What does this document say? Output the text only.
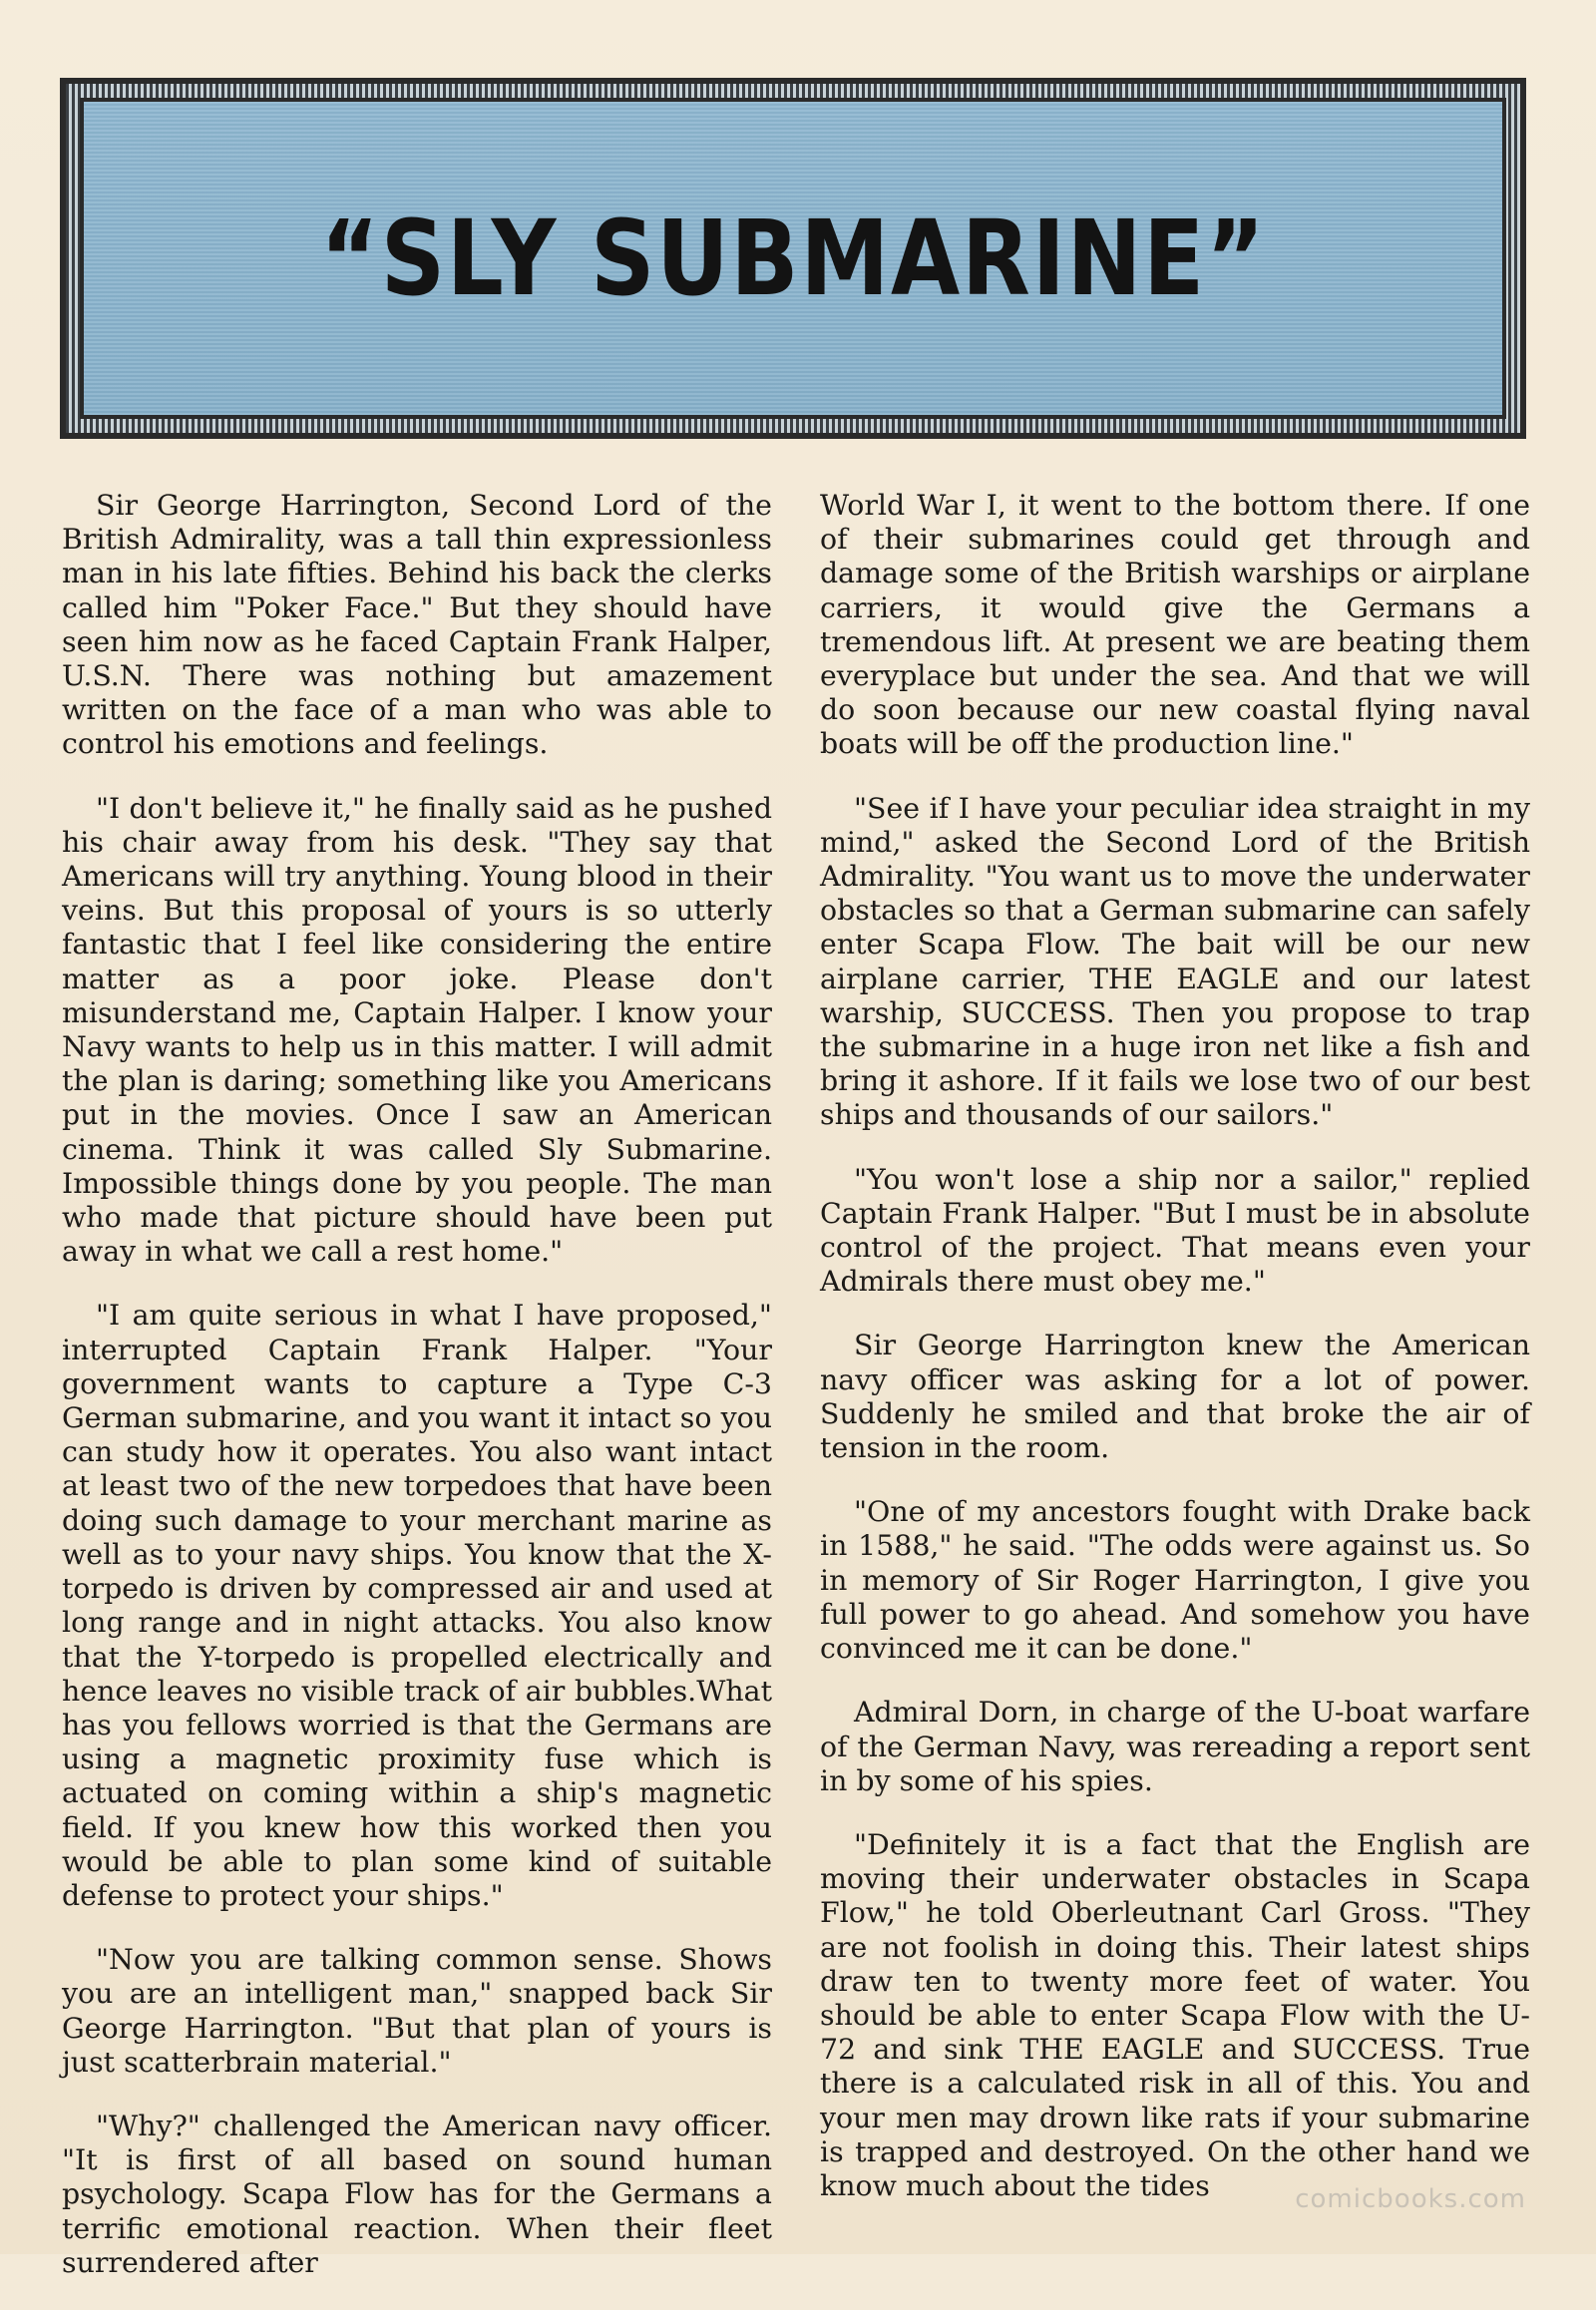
“SLY SUBMARINE”

Sir George Harrington, Second Lord of the British Admirality, was a tall thin expressionless man in his late fifties. Behind his back the clerks called him "Poker Face." But they should have seen him now as he faced Captain Frank Halper, U.S.N. There was nothing but amazement written on the face of a man who was able to control his emotions and feelings.

"I don't believe it," he finally said as he pushed his chair away from his desk. "They say that Americans will try anything. Young blood in their veins. But this proposal of yours is so utterly fantastic that I feel like considering the entire matter as a poor joke. Please don't misunderstand me, Captain Halper. I know your Navy wants to help us in this matter. I will admit the plan is daring; something like you Americans put in the movies. Once I saw an American cinema. Think it was called Sly Submarine. Impossible things done by you people. The man who made that picture should have been put away in what we call a rest home."

"I am quite serious in what I have proposed," interrupted Captain Frank Halper. "Your government wants to capture a Type C-3 German submarine, and you want it intact so you can study how it operates. You also want intact at least two of the new torpedoes that have been doing such damage to your merchant marine as well as to your navy ships. You know that the X-torpedo is driven by compressed air and used at long range and in night attacks. You also know that the Y-torpedo is propelled electrically and hence leaves no visible track of air bubbles.What has you fellows worried is that the Germans are using a magnetic proximity fuse which is actuated on coming within a ship's magnetic field. If you knew how this worked then you would be able to plan some kind of suitable defense to protect your ships."

"Now you are talking common sense. Shows you are an intelligent man," snapped back Sir George Harrington. "But that plan of yours is just scatterbrain material."

"Why?" challenged the American navy officer. "It is first of all based on sound human psychology. Scapa Flow has for the Germans a terrific emotional reaction. When their fleet surrendered after

World War I, it went to the bottom there. If one of their submarines could get through and damage some of the British warships or airplane carriers, it would give the Germans a tremendous lift. At present we are beating them everyplace but under the sea. And that we will do soon because our new coastal flying naval boats will be off the production line."

"See if I have your peculiar idea straight in my mind," asked the Second Lord of the British Admirality. "You want us to move the underwater obstacles so that a German submarine can safely enter Scapa Flow. The bait will be our new airplane carrier, THE EAGLE and our latest warship, SUCCESS. Then you propose to trap the submarine in a huge iron net like a fish and bring it ashore. If it fails we lose two of our best ships and thousands of our sailors."

"You won't lose a ship nor a sailor," replied Captain Frank Halper. "But I must be in absolute control of the project. That means even your Admirals there must obey me."

Sir George Harrington knew the American navy officer was asking for a lot of power. Suddenly he smiled and that broke the air of tension in the room.

"One of my ancestors fought with Drake back in 1588," he said. "The odds were against us. So in memory of Sir Roger Harrington, I give you full power to go ahead. And somehow you have convinced me it can be done."

Admiral Dorn, in charge of the U-boat warfare of the German Navy, was rereading a report sent in by some of his spies.

"Definitely it is a fact that the English are moving their underwater obstacles in Scapa Flow," he told Oberleutnant Carl Gross. "They are not foolish in doing this. Their latest ships draw ten to twenty more feet of water. You should be able to enter Scapa Flow with the U-72 and sink THE EAGLE and SUCCESS. True there is a calculated risk in all of this. You and your men may drown like rats if your submarine is trapped and destroyed. On the other hand we know much about the tides	comicbooks.com
